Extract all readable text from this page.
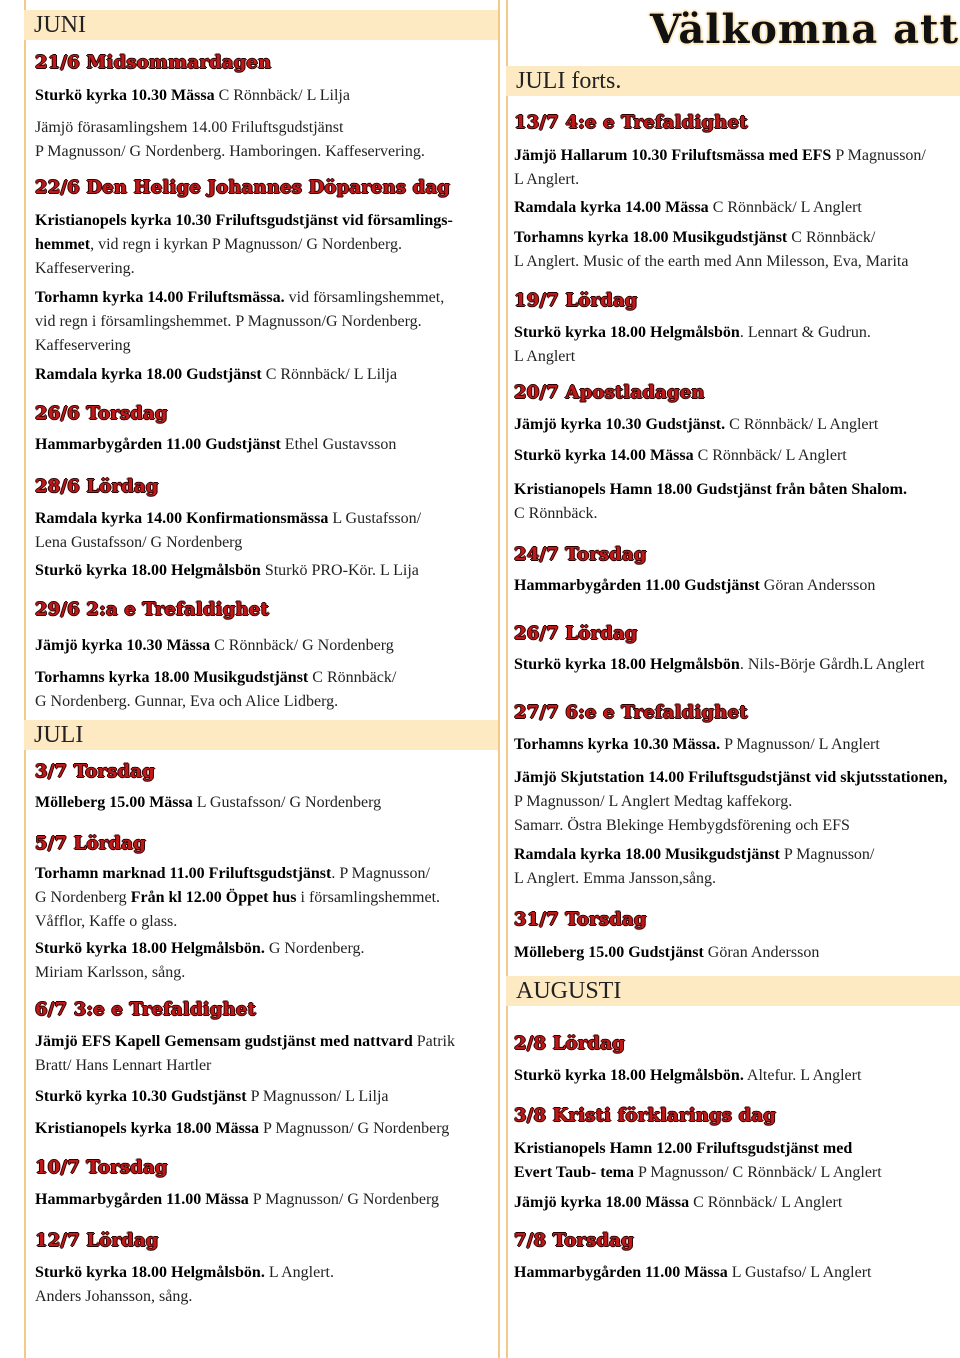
JUNI
21/6 Midsommardagen
Sturkö kyrka 10.30 Mässa C Rönnbäck/ L Lilja
Jämjö förasamlingshem 14.00 Friluftsgudstjänst
P Magnusson/ G Nordenberg. Hamboringen. Kaffeservering.
22/6 Den Helige Johannes Döparens dag
Kristianopels kyrka 10.30 Friluftsgudstjänst vid församlings-
hemmet, vid regn i kyrkan P Magnusson/ G Nordenberg.
Kaffeservering.
Torhamn kyrka 14.00 Friluftsmässa. vid församlingshemmet,
vid regn i församlingshemmet. P Magnusson/G Nordenberg.
Kaffeservering
Ramdala kyrka 18.00 Gudstjänst C Rönnbäck/ L Lilja
26/6 Torsdag
Hammarbygården 11.00 Gudstjänst Ethel Gustavsson
28/6 Lördag
Ramdala kyrka 14.00 Konfirmationsmässa L Gustafsson/
Lena Gustafsson/ G Nordenberg
Sturkö kyrka 18.00 Helgmålsbön Sturkö PRO-Kör. L Lija
29/6 2:a e Trefaldighet
Jämjö kyrka 10.30 Mässa C Rönnbäck/ G Nordenberg
Torhamns kyrka 18.00 Musikgudstjänst C Rönnbäck/
G Nordenberg. Gunnar, Eva och Alice Lidberg.
JULI
3/7 Torsdag
Mölleberg 15.00 Mässa L Gustafsson/ G Nordenberg
5/7 Lördag
Torhamn marknad 11.00 Friluftsgudstjänst. P Magnusson/
G Nordenberg Från kl 12.00 Öppet hus i församlingshemmet.
Våfflor, Kaffe o glass.
Sturkö kyrka 18.00 Helgmålsbön. G Nordenberg.
Miriam Karlsson, sång.
6/7 3:e e Trefaldighet
Jämjö EFS Kapell Gemensam gudstjänst med nattvard Patrik
Bratt/ Hans Lennart Hartler
Sturkö kyrka 10.30 Gudstjänst P Magnusson/ L Lilja
Kristianopels kyrka 18.00 Mässa P Magnusson/ G Nordenberg
10/7 Torsdag
Hammarbygården 11.00 Mässa P Magnusson/ G Nordenberg
12/7 Lördag
Sturkö kyrka 18.00 Helgmålsbön. L Anglert.
Anders Johansson, sång.
Välkomna att
JULI forts.
13/7 4:e e Trefaldighet
Jämjö Hallarum 10.30 Friluftsmässa med EFS P Magnusson/
L Anglert.
Ramdala kyrka 14.00 Mässa C Rönnbäck/ L Anglert
Torhamns kyrka 18.00 Musikgudstjänst C Rönnbäck/
L Anglert. Music of the earth med Ann Milesson, Eva, Marita
19/7 Lördag
Sturkö kyrka 18.00 Helgmålsbön. Lennart & Gudrun.
L Anglert
20/7 Apostladagen
Jämjö kyrka 10.30 Gudstjänst. C Rönnbäck/ L Anglert
Sturkö kyrka 14.00 Mässa C Rönnbäck/ L Anglert
Kristianopels Hamn 18.00 Gudstjänst från båten Shalom.
C Rönnbäck.
24/7 Torsdag
Hammarbygården 11.00 Gudstjänst Göran Andersson
26/7 Lördag
Sturkö kyrka 18.00 Helgmålsbön. Nils-Börje Gårdh.L Anglert
27/7 6:e e Trefaldighet
Torhamns kyrka 10.30 Mässa. P Magnusson/ L Anglert
Jämjö Skjutstation 14.00 Friluftsgudstjänst vid skjutsstationen,
P Magnusson/ L Anglert Medtag kaffekorg.
Samarr. Östra Blekinge Hembygdsförening och EFS
Ramdala kyrka 18.00 Musikgudstjänst P Magnusson/
L Anglert. Emma Jansson,sång.
31/7 Torsdag
Mölleberg 15.00 Gudstjänst Göran Andersson
AUGUSTI
2/8 Lördag
Sturkö kyrka 18.00 Helgmålsbön. Altefur. L Anglert
3/8 Kristi förklarings dag
Kristianopels Hamn 12.00 Friluftsgudstjänst med
Evert Taub- tema P Magnusson/ C Rönnbäck/ L Anglert
Jämjö kyrka 18.00 Mässa C Rönnbäck/ L Anglert
7/8 Torsdag
Hammarbygården 11.00 Mässa L Gustafso/ L Anglert
